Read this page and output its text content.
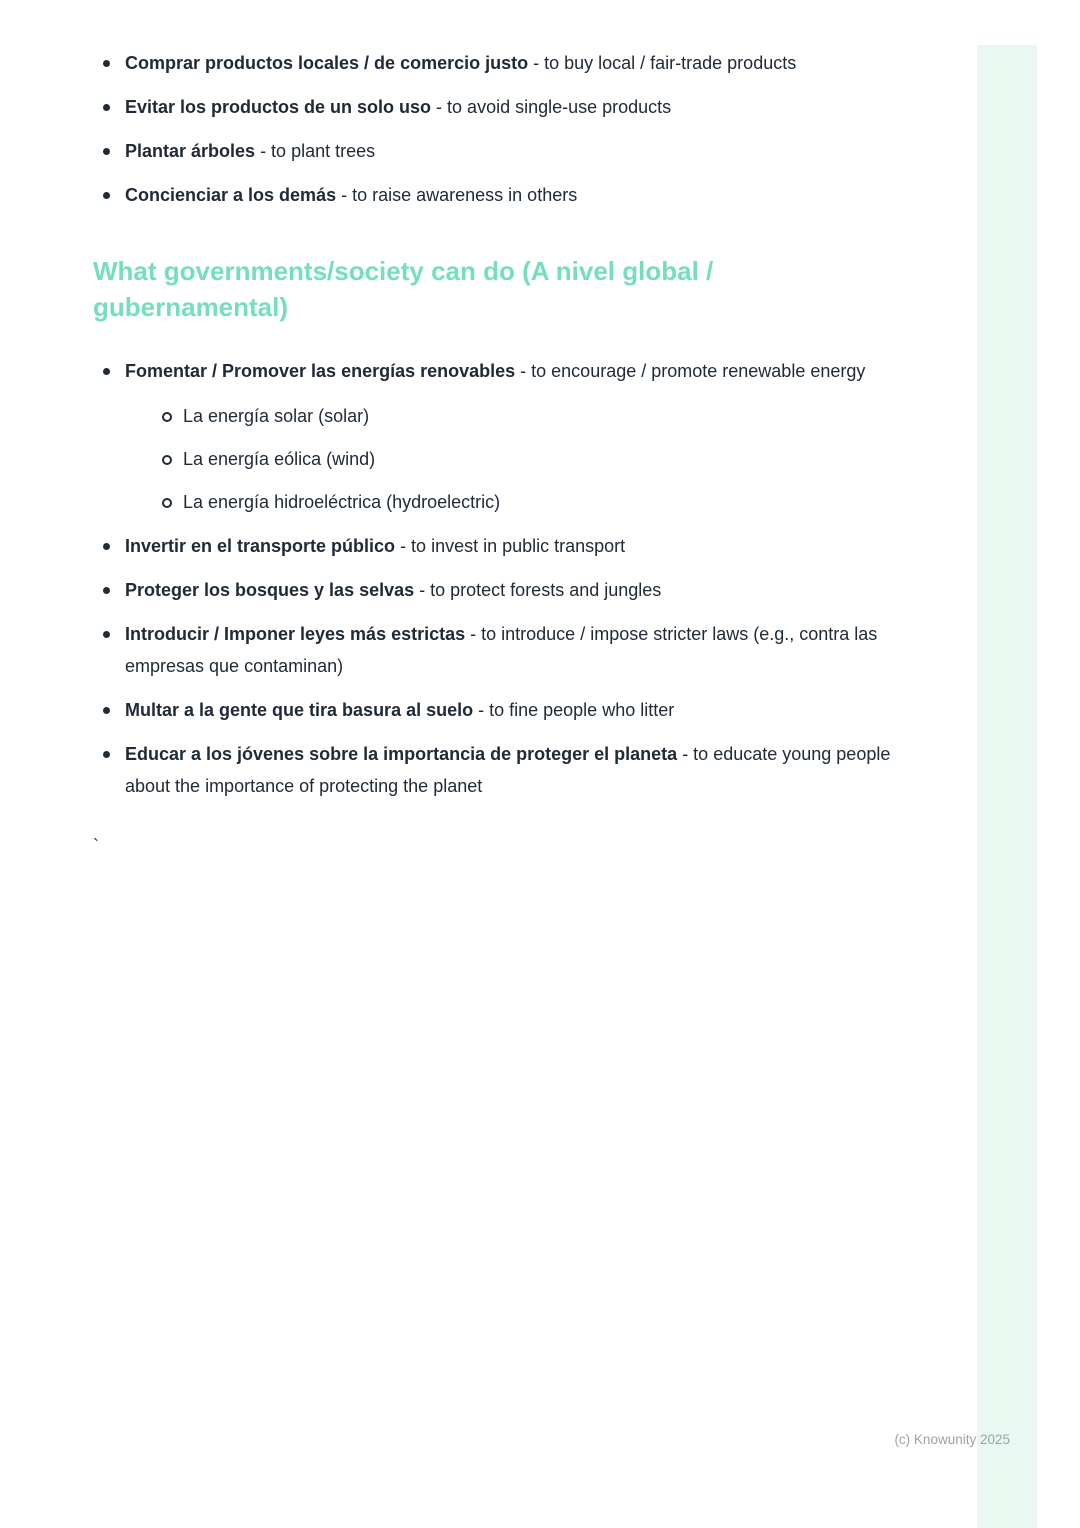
Comprar productos locales / de comercio justo - to buy local / fair-trade products
Evitar los productos de un solo uso - to avoid single-use products
Plantar árboles - to plant trees
Concienciar a los demás - to raise awareness in others
What governments/society can do (A nivel global / gubernamental)
Fomentar / Promover las energías renovables - to encourage / promote renewable energy
La energía solar (solar)
La energía eólica (wind)
La energía hidroeléctrica (hydroelectric)
Invertir en el transporte público - to invest in public transport
Proteger los bosques y las selvas - to protect forests and jungles
Introducir / Imponer leyes más estrictas - to introduce / impose stricter laws (e.g., contra las empresas que contaminan)
Multar a la gente que tira basura al suelo - to fine people who litter
Educar a los jóvenes sobre la importancia de proteger el planeta - to educate young people about the importance of protecting the planet

`

(c) Knowunity 2025
